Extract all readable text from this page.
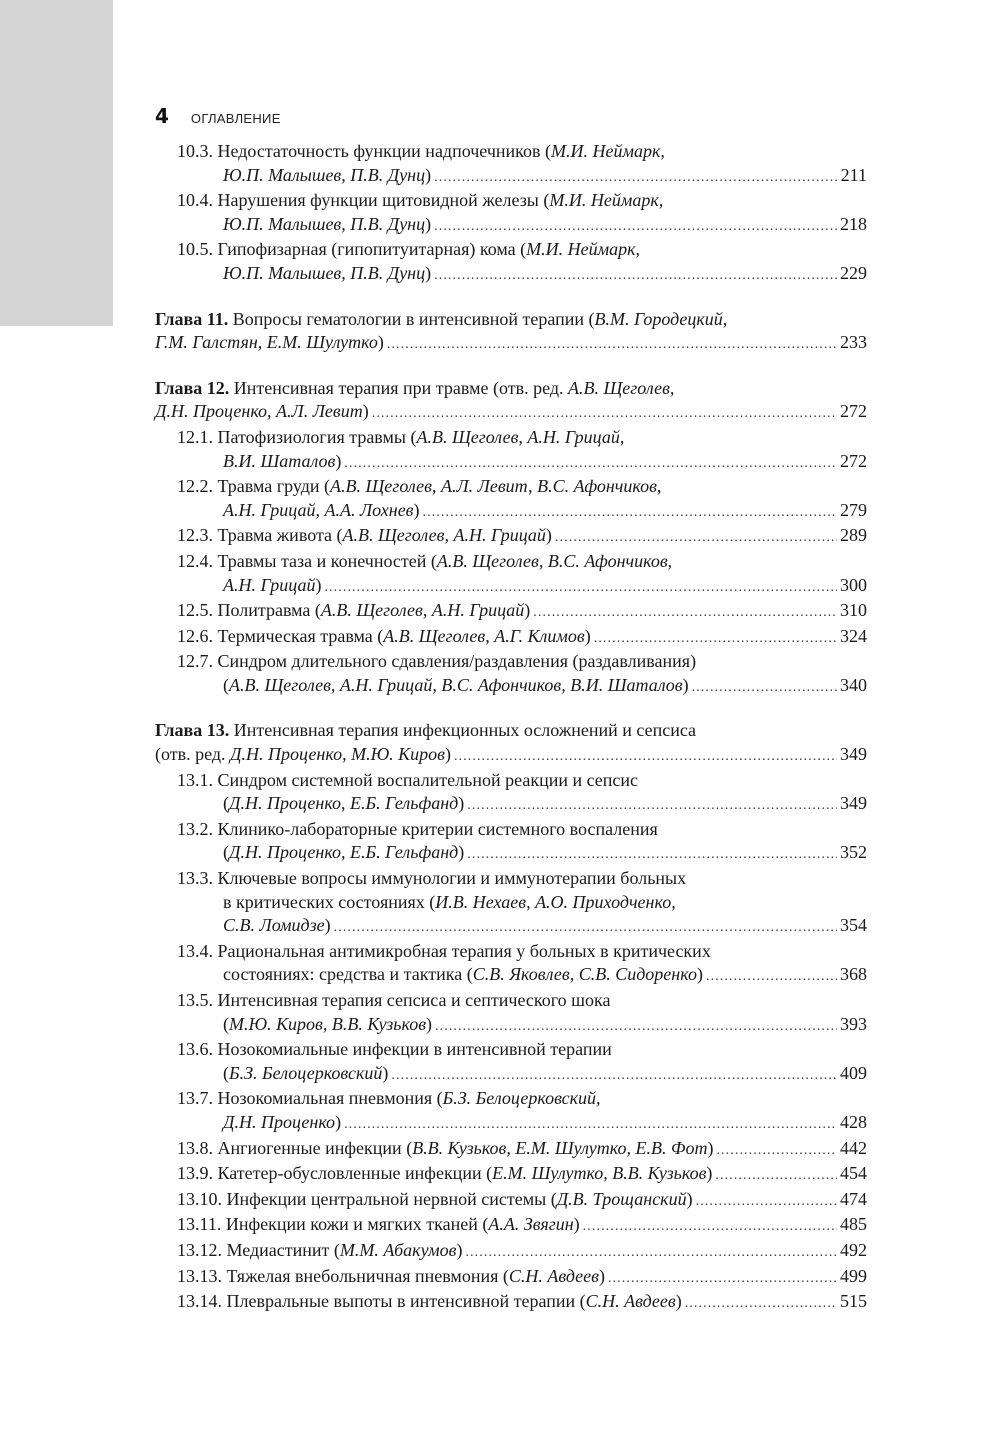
4 ОГЛАВЛЕНИЕ
10.3. Недостаточность функции надпочечников (М.И. Неймарк,
Ю.П. Малышев, П.В. Дунц) . . .	211
10.4. Нарушения функции щитовидной железы (М.И. Неймарк,
Ю.П. Малышев, П.В. Дунц) . . .	218
10.5. Гипофизарная (гипопитуитарная) кома (М.И. Неймарк,
Ю.П. Малышев, П.В. Дунц) . . .	229
Глава 11. Вопросы гематологии в интенсивной терапии (В.М. Городецкий,
Г.М. Галстян, Е.М. Шулутко) . . .	233
Глава 12. Интенсивная терапия при травме (отв. ред. А.В. Щеголев,
Д.Н. Проценко, А.Л. Левит) . . .	272
12.1. Патофизиология травмы (А.В. Щеголев, А.Н. Грицай,
В.И. Шаталов) . . .	272
12.2. Травма груди (А.В. Щеголев, А.Л. Левит, В.С. Афончиков,
А.Н. Грицай, А.А. Лохнев) . . .	279
12.3. Травма живота (А.В. Щеголев, А.Н. Грицай) . . .	289
12.4. Травмы таза и конечностей (А.В. Щеголев, В.С. Афончиков,
А.Н. Грицай) . . .	300
12.5. Политравма (А.В. Щеголев, А.Н. Грицай) . . .	310
12.6. Термическая травма (А.В. Щеголев, А.Г. Климов) . . .	324
12.7. Синдром длительного сдавления/раздавления (раздавливания)
(А.В. Щеголев, А.Н. Грицай, В.С. Афончиков, В.И. Шаталов) . . .	340
Глава 13. Интенсивная терапия инфекционных осложнений и сепсиса
(отв. ред. Д.Н. Проценко, М.Ю. Киров) . . .	349
13.1. Синдром системной воспалительной реакции и сепсис
(Д.Н. Проценко, Е.Б. Гельфанд) . . .	349
13.2. Клинико-лабораторные критерии системного воспаления
(Д.Н. Проценко, Е.Б. Гельфанд) . . .	352
13.3. Ключевые вопросы иммунологии и иммунотерапии больных
в критических состояниях (И.В. Нехаев, А.О. Приходченко,
С.В. Ломидзе) . . .	354
13.4. Рациональная антимикробная терапия у больных в критических
состояниях: средства и тактика (С.В. Яковлев, С.В. Сидоренко) . . .	368
13.5. Интенсивная терапия сепсиса и септического шока
(М.Ю. Киров, В.В. Кузьков) . . .	393
13.6. Нозокомиальные инфекции в интенсивной терапии
(Б.З. Белоцерковский) . . .	409
13.7. Нозокомиальная пневмония (Б.З. Белоцерковский,
Д.Н. Проценко) . . .	428
13.8. Ангиогенные инфекции (В.В. Кузьков, Е.М. Шулутко, Е.В. Фот) . . .	442
13.9. Катетер-обусловленные инфекции (Е.М. Шулутко, В.В. Кузьков) . . .	454
13.10. Инфекции центральной нервной системы (Д.В. Трощанский) . . .	474
13.11. Инфекции кожи и мягких тканей (А.А. Звягин) . . .	485
13.12. Медиастинит (М.М. Абакумов) . . .	492
13.13. Тяжелая внебольничная пневмония (С.Н. Авдеев) . . .	499
13.14. Плевральные выпоты в интенсивной терапии (С.Н. Авдеев) . . .	515
